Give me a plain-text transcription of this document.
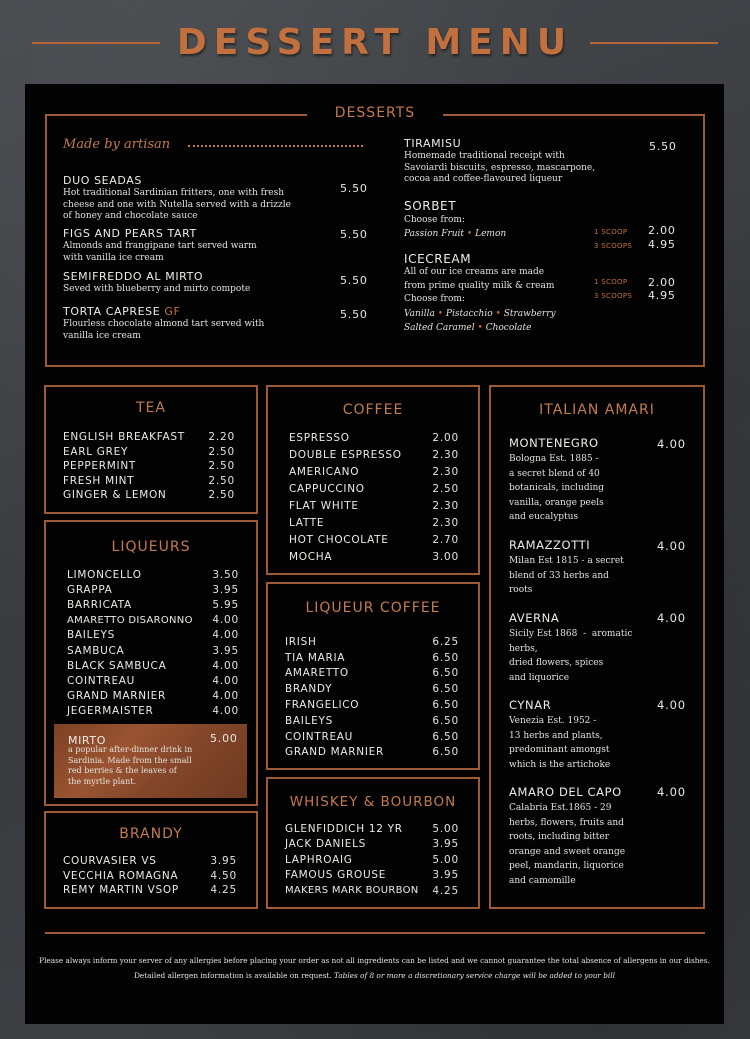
DESSERT MENU
DESSERTS
Made by artisan
DUO SEADAS
Hot traditional Sardinian fritters, one with fresh
cheese and one with Nutella served with a drizzle
of honey and chocolate sauce
5.50
FIGS AND PEARS TART
Almonds and frangipane tart served warm
with vanilla ice cream
5.50
SEMIFREDDO AL MIRTO
Seved with blueberry and mirto compote
5.50
TORTA CAPRESE GF
Flourless chocolate almond tart served with
vanilla ice cream
5.50
TIRAMISU
Homemade traditional receipt with
Savoiardi biscuits, espresso, mascarpone,
cocoa and coffee-flavoured liqueur
5.50
SORBET
Choose from:
Passion Fruit • Lemon	1 SCOOP 2.00
3 SCOOPS 4.95
ICECREAM
All of our ice creams are made
from prime quality milk & cream
Choose from:
Vanilla • Pistacchio • Strawberry
Salted Caramel • Chocolate
1 SCOOP 2.00
3 SCOOPS 4.95
TEA
ENGLISH BREAKFAST 2.20
EARL GREY	2.50
PEPPERMINT	2.50
FRESH MINT	2.50
GINGER & LEMON	2.50
LIQUEURS
LIMONCELLO	3.50
GRAPPA	3.95
BARRICATA	5.95
AMARETTO DISARONNO 4.00
BAILEYS	4.00
SAMBUCA	3.95
BLACK SAMBUCA	4.00
COINTREAU	4.00
GRAND MARNIER	4.00
JEGERMAISTER	4.00
MIRTO	5.00
a popular after-dinner drink in
Sardinia. Made from the small
red berries & the leaves of
the myrtle plant.
BRANDY
COURVASIER VS	3.95
VECCHIA ROMAGNA	4.50
REMY MARTIN VSOP	4.25
COFFEE
ESPRESSO	2.00
DOUBLE ESPRESSO	2.30
AMERICANO	2.30
CAPPUCCINO	2.50
FLAT WHITE	2.30
LATTE	2.30
HOT CHOCOLATE	2.70
MOCHA	3.00
LIQUEUR COFFEE
IRISH	6.25
TIA MARIA	6.50
AMARETTO	6.50
BRANDY	6.50
FRANGELICO	6.50
BAILEYS	6.50
COINTREAU	6.50
GRAND MARNIER	6.50
WHISKEY & BOURBON
GLENFIDDICH 12 YR	5.00
JACK DANIELS	3.95
LAPHROAIG	5.00
FAMOUS GROUSE	3.95
MAKERS MARK BOURBON 4.25
ITALIAN AMARI
MONTENEGRO
Bologna Est. 1885 -
a secret blend of 40
botanicals, including
vanilla, orange peels
and eucalyptus
4.00
RAMAZZOTTI
Milan Est 1815 - a secret
blend of 33 herbs and
roots
4.00
AVERNA
Sicily Est 1868  -  aromatic
herbs,
dried flowers, spices
and liquorice
4.00
CYNAR
Venezia Est. 1952 -
13 herbs and plants,
predominant amongst
which is the artichoke
4.00
AMARO DEL CAPO
Calabria Est.1865 - 29
herbs, flowers, fruits and
roots, including bitter
orange and sweet orange
peel, mandarin, liquorice
and camomille
4.00
Please always inform your server of any allergies before placing your order as not all ingredients can be listed and we cannot guarantee the total absence of allergens in our dishes.
Detailed allergen information is available on request. Tables of 8 or more a discretionary service charge will be added to your bill
